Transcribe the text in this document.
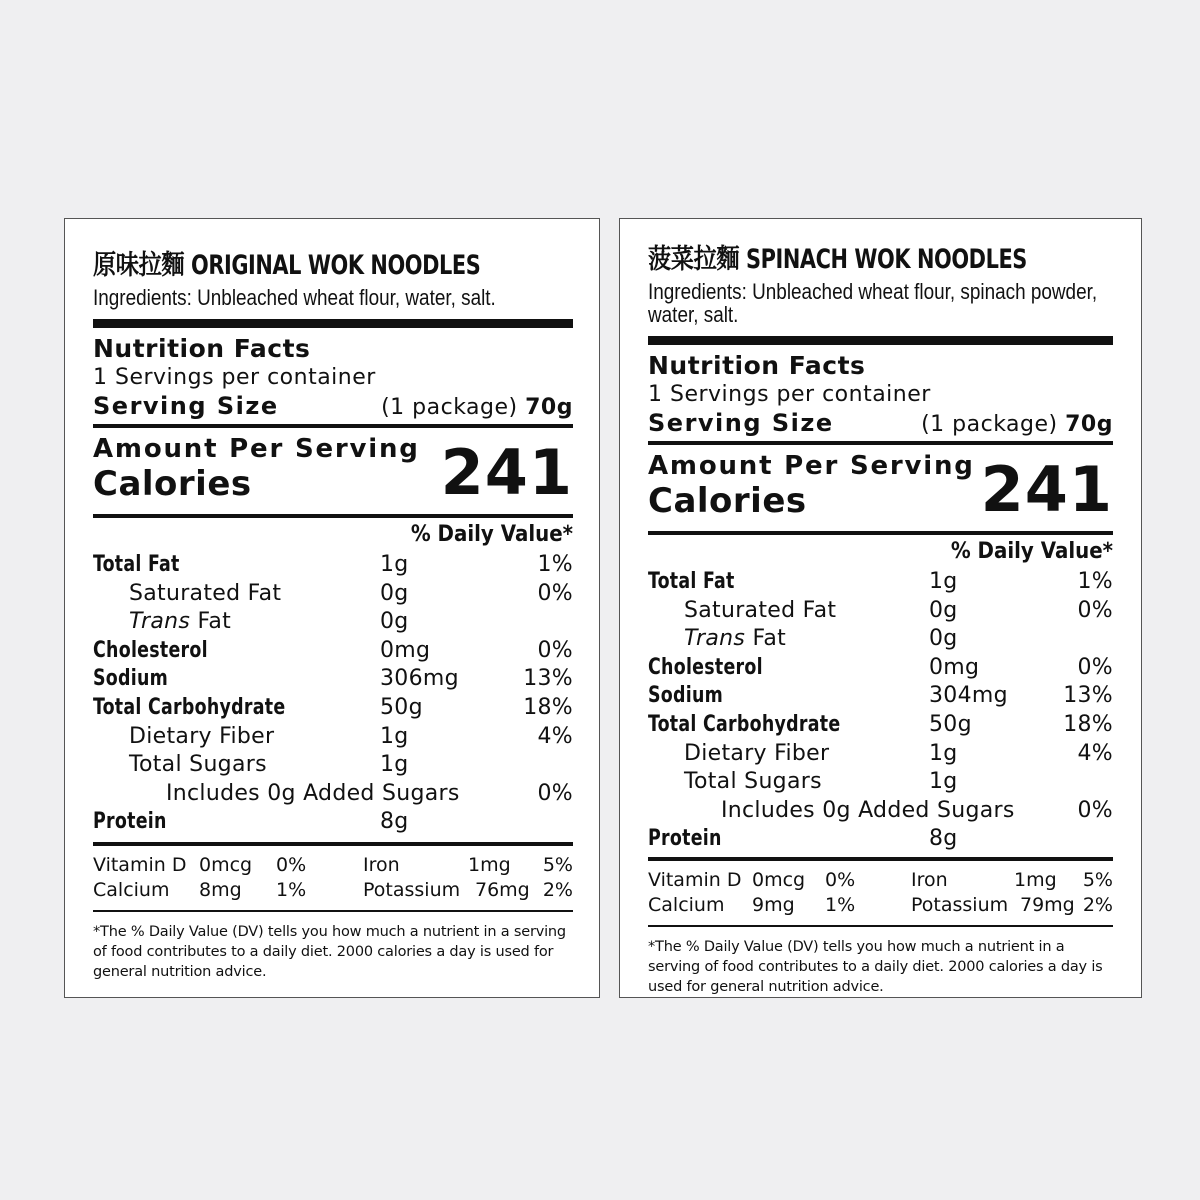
原味拉麵 ORIGINAL WOK NOODLES
Ingredients: Unbleached wheat flour, water, salt.
Nutrition Facts
1 Servings per container
Serving Size	(1 package) 70g
Amount Per Serving
Calories	241
% Daily Value*
Total Fat	1g	1%
Saturated Fat	0g	0%
Trans Fat	0g
Cholesterol	0mg	0%
Sodium	306mg	13%
Total Carbohydrate	50g	18%
Dietary Fiber	1g	4%
Total Sugars	1g
Includes 0g Added Sugars	0%
Protein	8g
Vitamin D 0mcg 0%	Iron	1mg 5%
Calcium 8mg 1%	Potassium 76mg 2%
*The % Daily Value (DV) tells you how much a nutrient in a serving of food contributes to a daily diet. 2000 calories a day is used for general nutrition advice.
菠菜拉麵 SPINACH WOK NOODLES
Ingredients: Unbleached wheat flour, spinach powder, water, salt.
Nutrition Facts
1 Servings per container
Serving Size	(1 package) 70g
Amount Per Serving
Calories	241
% Daily Value*
Total Fat	1g	1%
Saturated Fat	0g	0%
Trans Fat	0g
Cholesterol	0mg	0%
Sodium	304mg	13%
Total Carbohydrate	50g	18%
Dietary Fiber	1g	4%
Total Sugars	1g
Includes 0g Added Sugars	0%
Protein	8g
Vitamin D 0mcg 0%	Iron	1mg 5%
Calcium 9mg 1%	Potassium 79mg 2%
*The % Daily Value (DV) tells you how much a nutrient in a serving of food contributes to a daily diet. 2000 calories a day is used for general nutrition advice.
